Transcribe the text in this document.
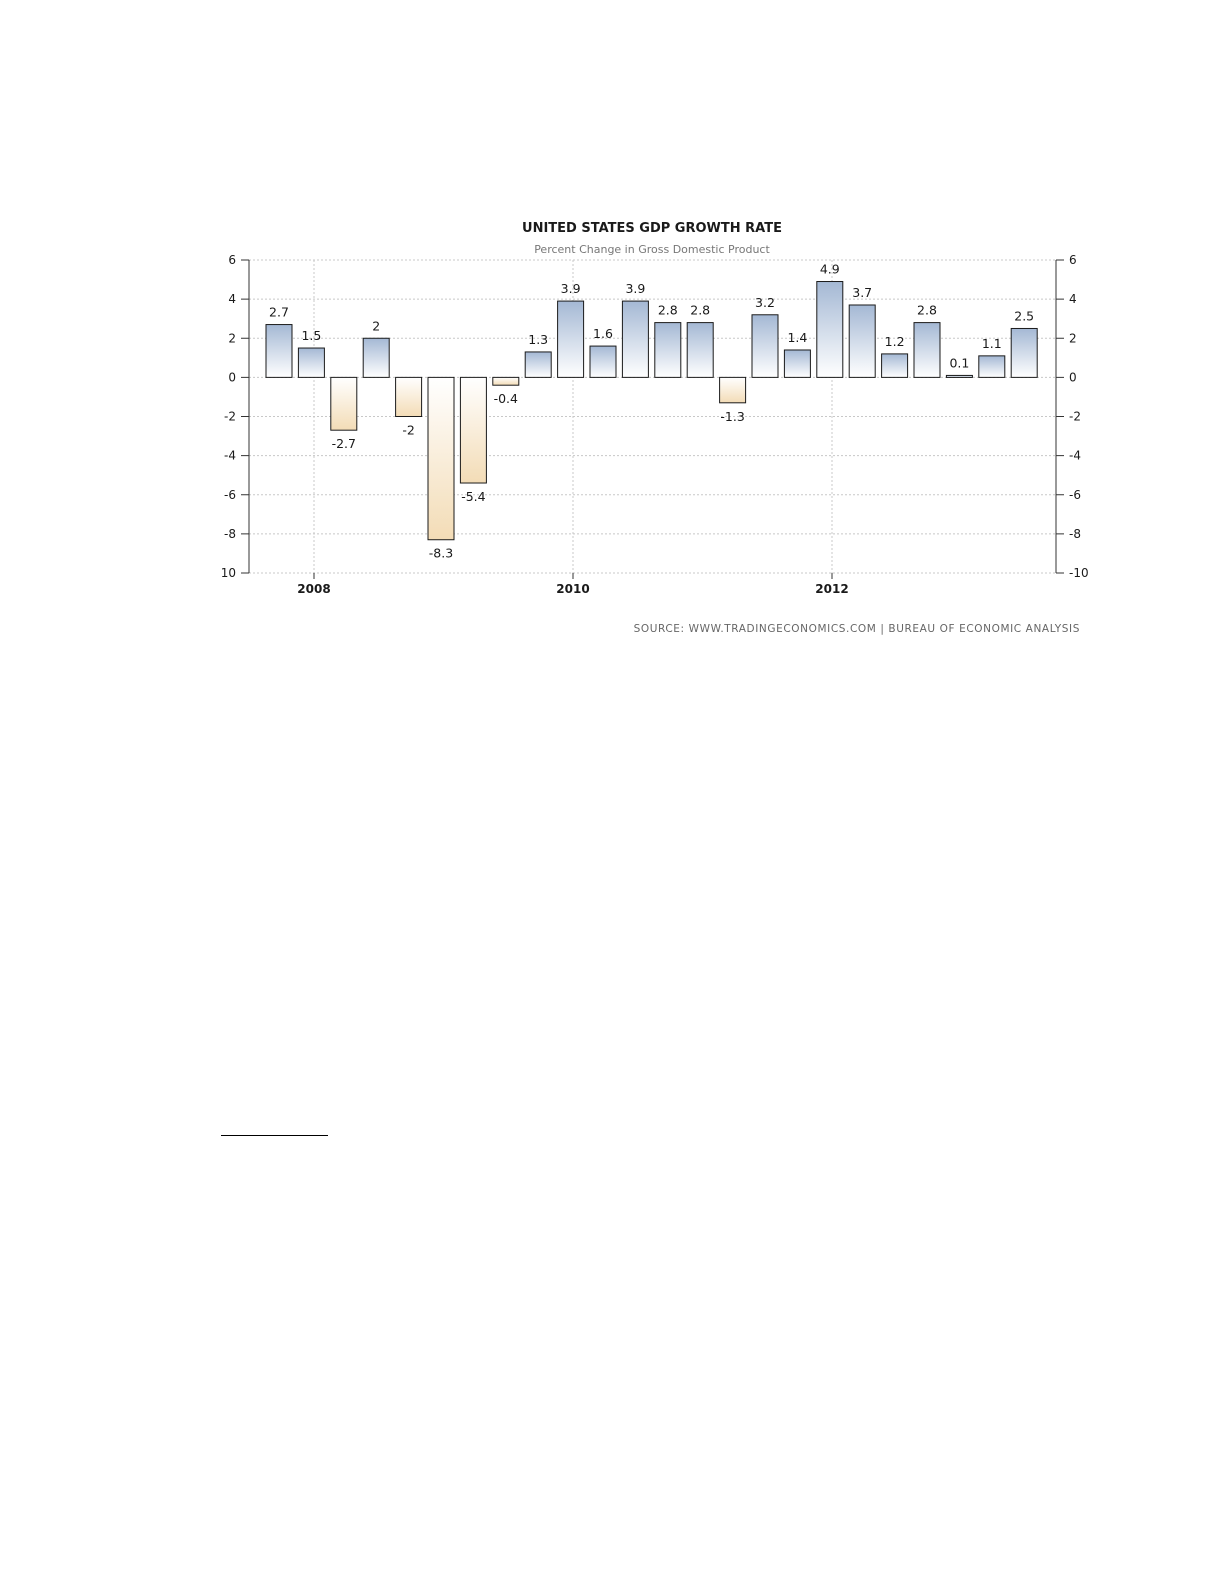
UNITED STATES GDP GROWTH RATE
Percent Change in Gross Domestic Product
6	6
4	4
2	2
0	0
-2	-2
-4	-4
-6	-6
-8	-8
10	-10
2008	2010	2012
2.7
1.5
-2.7
2
-2
-8.3
-5.4
-0.4
1.3
3.9
1.6
3.9
2.8 2.8
-1.3
3.2
1.4
4.9
3.7
1.2
2.8
0.1
1.1
2.5
SOURCE: WWW.TRADINGECONOMICS.COM | BUREAU OF ECONOMIC ANALYSIS
